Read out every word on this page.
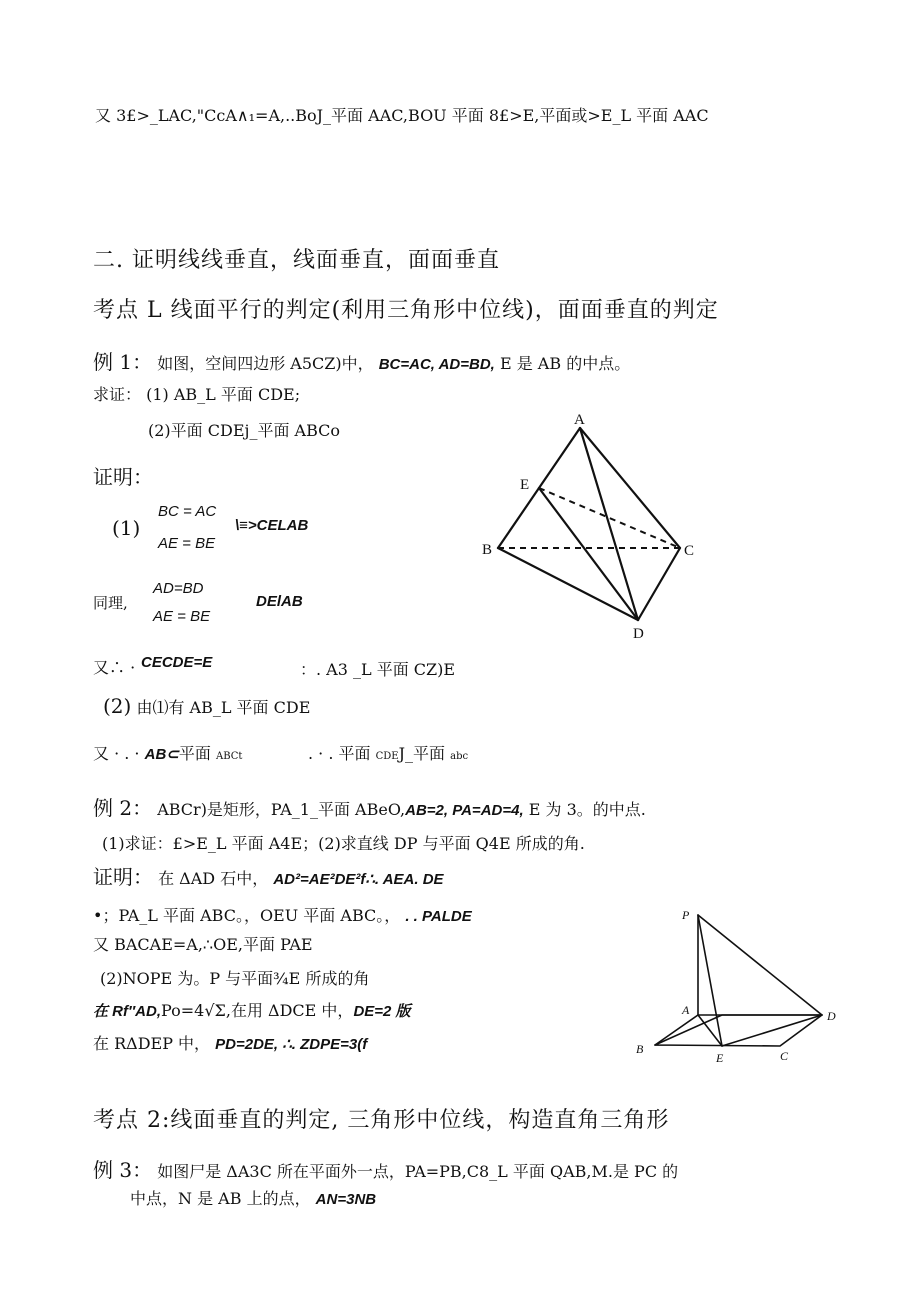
又 3£>_LAC,"CcA∧₁=A,..BoJ_平面 AAC,BOU 平面 8£>E,平面或>E_L 平面 AAC
二. 证明线线垂直，线面垂直，面面垂直
考点 L 线面平行的判定(利用三角形中位线)，面面垂直的判定
例 1： 如图，空间四边形 A5CZ)中， BC=AC, AD=BD, E 是 AB 的中点。
求证： (1) AB_L 平面 CDE;
(2)平面 CDEj_平面 ABCo
证明：
(1)
BC = AC
AE = BE
\≡>CELAB
同理,
AD=BD
AE = BE
DElAB
又∴ · CECDE=E	：. A3 _L 平面 CZ)E
(2) 由⑴有 AB_L 平面 CDE
又 · . · AB⊂平面 ABCt	. · . 平面 CDEJ_平面 abc
A
B	C
D
E
例 2： ABCr)是矩形，PA_1_平面 ABeO,AB=2, PA=AD=4, E 为 3。的中点.
(1)求证：£>E_L 平面 A4E；(2)求直线 DP 与平面 Q4E 所成的角.
证明： 在 ΔAD 石中， AD²=AE²DE²f∴. AEA. DE
•；PA_L 平面 ABC。，OEU 平面 ABC。， . . PALDE
又 BACAE=A,∴OE,平面 PAE
(2)NOPE 为。P 与平面¾E 所成的角
在 Rf″AD,Po=4√Σ,在用 ΔDCE 中，DE=2 版
在 RΔDEP 中， PD=2DE, ∴. ZDPE=3(f
P
A
B	C
D
E
考点 2:线面垂直的判定, 三角形中位线，构造直角三角形
例 3： 如图尸是 ΔA3C 所在平面外一点，PA=PB,C8_L 平面 QAB,M.是 PC 的
中点，N 是 AB 上的点， AN=3NB
